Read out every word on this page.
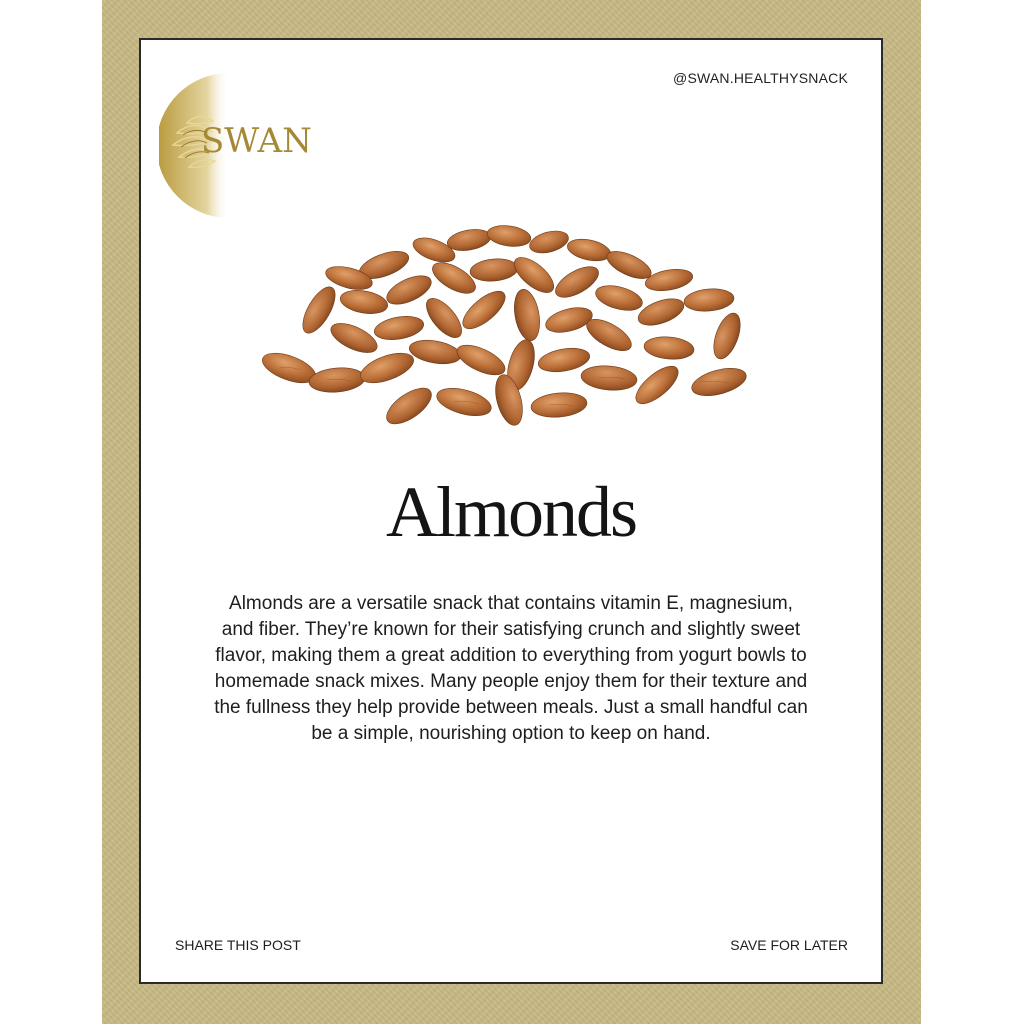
SWAN
@SWAN.HEALTHYSNACK
Almonds
Almonds are a versatile snack that contains vitamin E, magnesium, and fiber. They’re known for their satisfying crunch and slightly sweet flavor, making them a great addition to everything from yogurt bowls to homemade snack mixes. Many people enjoy them for their texture and the fullness they help provide between meals. Just a small handful can be a simple, nourishing option to keep on hand.
SHARE THIS POST	SAVE FOR LATER
